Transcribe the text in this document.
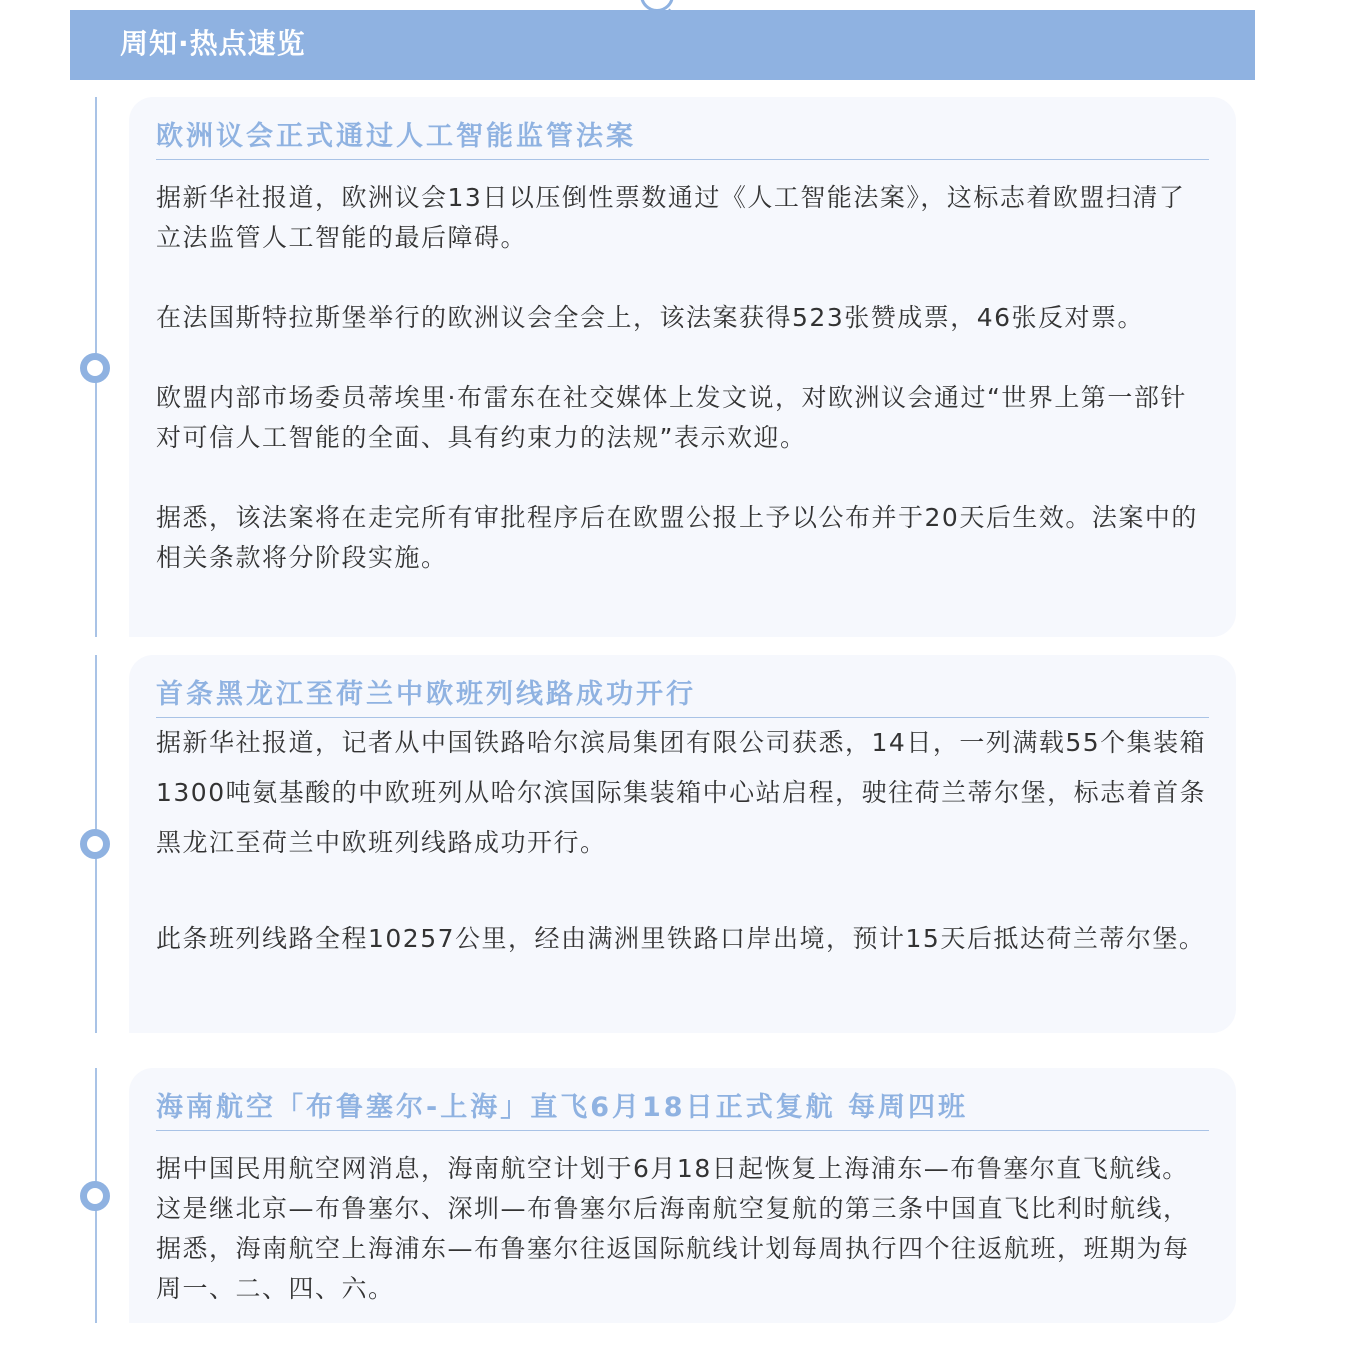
周知·热点速览
欧洲议会正式通过人工智能监管法案

据新华社报道，欧洲议会13日以压倒性票数通过《人工智能法案》，这标志着欧盟扫清了立法监管人工智能的最后障碍。

在法国斯特拉斯堡举行的欧洲议会全会上，该法案获得523张赞成票，46张反对票。

欧盟内部市场委员蒂埃里·布雷东在社交媒体上发文说，对欧洲议会通过“世界上第一部针对可信人工智能的全面、具有约束力的法规”表示欢迎。

据悉，该法案将在走完所有审批程序后在欧盟公报上予以公布并于20天后生效。法案中的相关条款将分阶段实施。

首条黑龙江至荷兰中欧班列线路成功开行

据新华社报道，记者从中国铁路哈尔滨局集团有限公司获悉，14日，一列满载55个集装箱1300吨氨基酸的中欧班列从哈尔滨国际集装箱中心站启程，驶往荷兰蒂尔堡，标志着首条黑龙江至荷兰中欧班列线路成功开行。

此条班列线路全程10257公里，经由满洲里铁路口岸出境，预计15天后抵达荷兰蒂尔堡。

海南航空「布鲁塞尔-上海」直飞6月18日正式复航 每周四班

据中国民用航空网消息，海南航空计划于6月18日起恢复上海浦东—布鲁塞尔直飞航线。这是继北京—布鲁塞尔、深圳—布鲁塞尔后海南航空复航的第三条中国直飞比利时航线，据悉，海南航空上海浦东—布鲁塞尔往返国际航线计划每周执行四个往返航班，班期为每周一、二、四、六。
